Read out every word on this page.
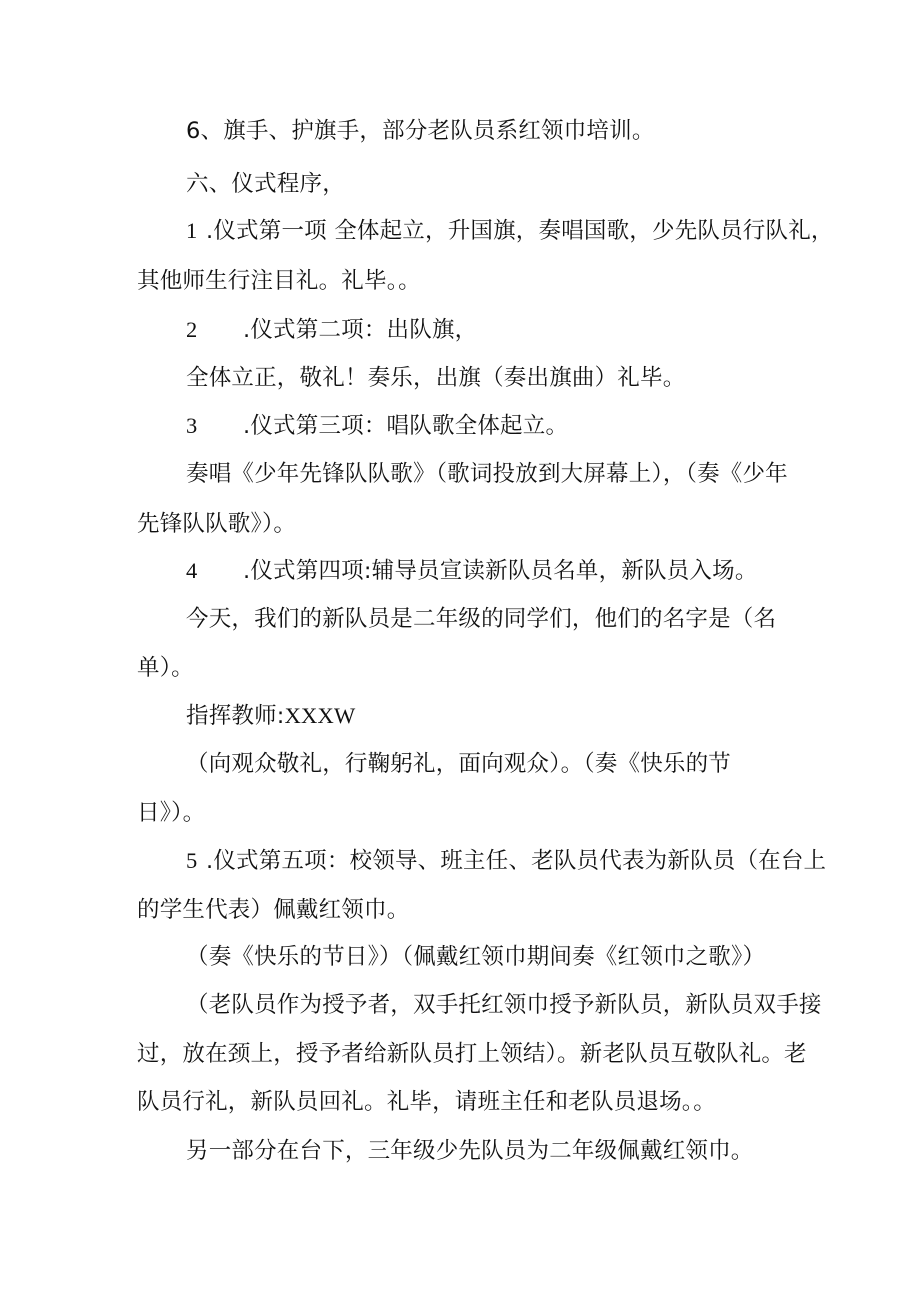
6、旗手、护旗手，部分老队员系红领巾培训。
六、仪式程序，
1 .仪式第一项 全体起立，升国旗，奏唱国歌，少先队员行队礼，
其他师生行注目礼。礼毕。。
2 .仪式第二项：出队旗，
全体立正，敬礼！奏乐，出旗（奏出旗曲）礼毕。
3 .仪式第三项：唱队歌全体起立。
奏唱《少年先锋队队歌》（歌词投放到大屏幕上），（奏《少年
先锋队队歌》）。
4 .仪式第四项:辅导员宣读新队员名单，新队员入场。
今天，我们的新队员是二年级的同学们，他们的名字是（名
单）。
指挥教师:XXXW
（向观众敬礼，行鞠躬礼，面向观众）。（奏《快乐的节
日》）。
5 .仪式第五项：校领导、班主任、老队员代表为新队员（在台上
的学生代表）佩戴红领巾。
（奏《快乐的节日》）（佩戴红领巾期间奏《红领巾之歌》）
（老队员作为授予者，双手托红领巾授予新队员，新队员双手接
过，放在颈上，授予者给新队员打上领结）。新老队员互敬队礼。老
队员行礼，新队员回礼。礼毕，请班主任和老队员退场。。
另一部分在台下，三年级少先队员为二年级佩戴红领巾。
